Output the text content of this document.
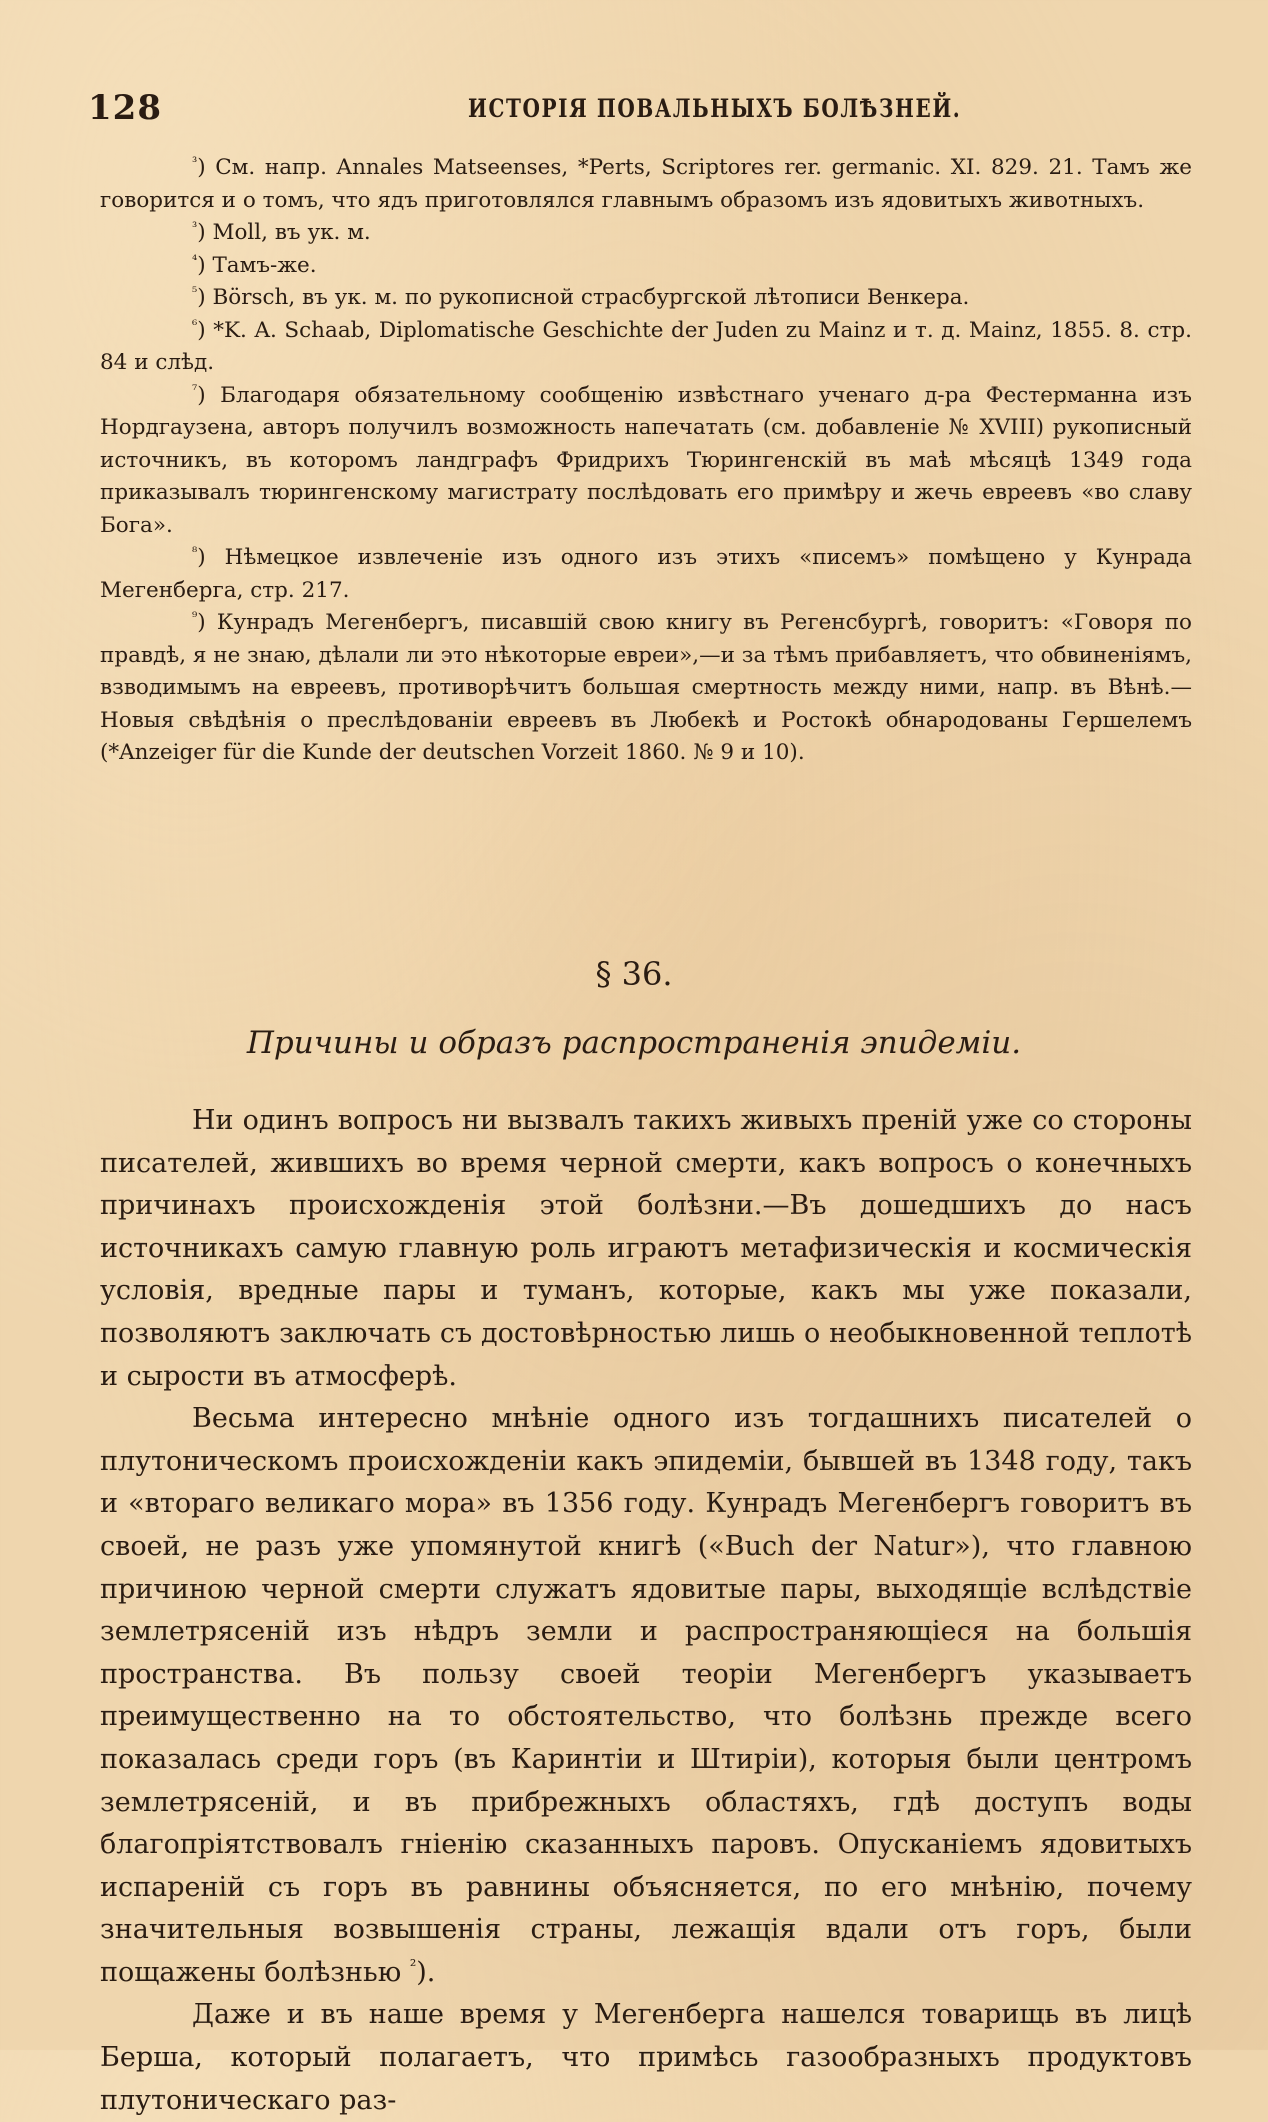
128	ИСТОРІЯ ПОВАЛЬНЫХЪ БОЛѢЗНЕЙ.

$^{^3}$) См. напр. Annales Matseenses, *Perts, Scriptores rer. germanic. XI. 829. 21. Тамъ же говорится и о томъ, что ядъ приготовлялся главнымъ образомъ изъ ядовитыхъ животныхъ.

$^{^3}$) Moll, въ ук. м.

$^{^4}$) Тамъ-же.

$^{^5}$) Börsch, въ ук. м. по рукописной страсбургской лѣтописи Венкера.

$^{^6}$) *K. A. Schaab, Diplomatische Geschichte der Juden zu Mainz и т. д. Mainz, 1855. 8. стр. 84 и слѣд.

$^{^7}$) Благодаря обязательному сообщенію извѣстнаго ученаго д-ра Фестерманна изъ Нордгаузена, авторъ получилъ возможность напечатать (см. добавленіе № XVIII) рукописный источникъ, въ которомъ ландграфъ Фридрихъ Тюрингенскій въ маѣ мѣсяцѣ 1349 года приказывалъ тюрингенскому магистрату послѣдовать его примѣру и жечь евреевъ «во славу Бога».

$^{^8}$) Нѣмецкое извлеченіе изъ одного изъ этихъ «писемъ» помѣщено у Кунрада Мегенберга, стр. 217.

$^{^9}$) Кунрадъ Мегенбергъ, писавшій свою книгу въ Регенсбургѣ, говоритъ: «Говоря по правдѣ, я не знаю, дѣлали ли это нѣкоторые евреи»,—и за тѣмъ прибавляетъ, что обвиненіямъ, взводимымъ на евреевъ, противорѣчитъ большая смертность между ними, напр. въ Вѣнѣ.—Новыя свѣдѣнія о преслѣдованіи евреевъ въ Любекѣ и Ростокѣ обнародованы Гершелемъ (*Anzeiger für die Kunde der deutschen Vorzeit 1860. № 9 и 10).

§ 36.
Причины и образъ распространенія эпидеміи.

Ни одинъ вопросъ ни вызвалъ такихъ живыхъ преній уже со стороны писателей, жившихъ во время черной смерти, какъ вопросъ о конечныхъ причинахъ происхожденія этой болѣзни.—Въ дошедшихъ до насъ источникахъ самую главную роль играютъ метафизическія и космическія условія, вредные пары и туманъ, которые, какъ мы уже показали, позволяютъ заключать съ достовѣрностью лишь о необыкновенной теплотѣ и сырости въ атмосферѣ.

Весьма интересно мнѣніе одного изъ тогдашнихъ писателей о плутоническомъ происхожденіи какъ эпидеміи, бывшей въ 1348 году, такъ и «втораго великаго мора» въ 1356 году. Кунрадъ Мегенбергъ говоритъ въ своей, не разъ уже упомянутой книгѣ («Buch der Natur»), что главною причиною черной смерти служатъ ядовитые пары, выходящіе вслѣдствіе землетрясеній изъ нѣдръ земли и распространяющіеся на большія пространства. Въ пользу своей теоріи Мегенбергъ указываетъ преимущественно на то обстоятельство, что болѣзнь прежде всего показалась среди горъ (въ Каринтіи и Штиріи), которыя были центромъ землетрясеній, и въ прибрежныхъ областяхъ, гдѣ доступъ воды благопріятствовалъ гніенію сказанныхъ паровъ. Опусканіемъ ядовитыхъ испареній съ горъ въ равнины объясняется, по его мнѣнію, почему значительныя возвышенія страны, лежащія вдали отъ горъ, были пощажены болѣзнью $^{^2}$).

Даже и въ наше время у Мегенберга нашелся товарищь въ лицѣ Берша, который полагаетъ, что примѣсь газообразныхъ продуктовъ плутоническаго раз-
